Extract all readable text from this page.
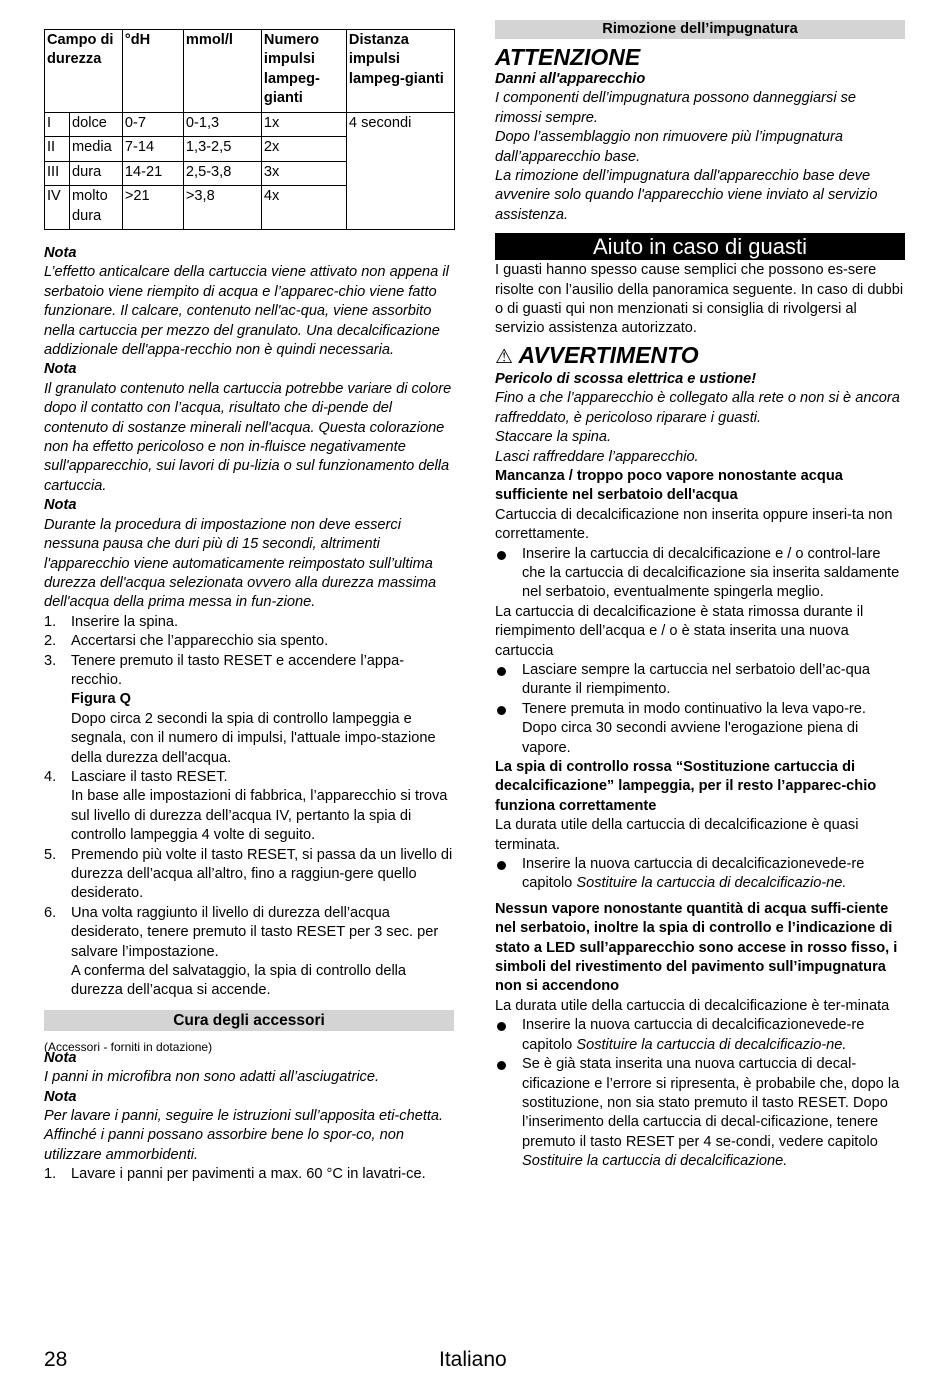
Campo di durezza		°dH	mmol/l	Numero impulsi lampeg-gianti	Distanza impulsi lampeg-gianti
I	dolce	0-7	0-1,3	1x	4 secondi
II	media	7-14	1,3-2,5	2x	
III	dura	14-21	2,5-3,8	3x	
IV	molto dura	>21	>3,8	4x	
Nota
L’effetto anticalcare della cartuccia viene attivato non appena il serbatoio viene riempito di acqua e l’apparec-chio viene fatto funzionare. Il calcare, contenuto nell'ac-qua, viene assorbito nella cartuccia per mezzo del granulato. Una decalcificazione addizionale dell'appa-recchio non è quindi necessaria.
Nota
Il granulato contenuto nella cartuccia potrebbe variare di colore dopo il contatto con l’acqua, risultato che di-pende del contenuto di sostanze minerali nell'acqua. Questa colorazione non ha effetto pericoloso e non in-fluisce negativamente sull'apparecchio, sui lavori di pu-lizia o sul funzionamento della cartuccia.
Nota
Durante la procedura di impostazione non deve esserci nessuna pausa che duri più di 15 secondi, altrimenti l'apparecchio viene automaticamente reimpostato sull’ultima durezza dell'acqua selezionata ovvero alla durezza massima dell'acqua della prima messa in fun-zione.
1. Inserire la spina.
2. Accertarsi che l’apparecchio sia spento.
3. Tenere premuto il tasto RESET e accendere l’appa-recchio.
Figura Q
Dopo circa 2 secondi la spia di controllo lampeggia e segnala, con il numero di impulsi, l'attuale impo-stazione della durezza dell'acqua.
4. Lasciare il tasto RESET.
In base alle impostazioni di fabbrica, l’apparecchio si trova sul livello di durezza dell’acqua IV, pertanto la spia di controllo lampeggia 4 volte di seguito.
5. Premendo più volte il tasto RESET, si passa da un livello di durezza dell’acqua all’altro, fino a raggiun-gere quello desiderato.
6. Una volta raggiunto il livello di durezza dell’acqua desiderato, tenere premuto il tasto RESET per 3 sec. per salvare l’impostazione.
A conferma del salvataggio, la spia di controllo della durezza dell’acqua si accende.
Cura degli accessori
(Accessori - forniti in dotazione)
Nota
I panni in microfibra non sono adatti all’asciugatrice.
Nota
Per lavare i panni, seguire le istruzioni sull’apposita eti-chetta. Affinché i panni possano assorbire bene lo spor-co, non utilizzare ammorbidenti.
1. Lavare i panni per pavimenti a max. 60 °C in lavatri-ce.
Rimozione dell’impugnatura
ATTENZIONE
Danni all'apparecchio
I componenti dell’impugnatura possono danneggiarsi se rimossi sempre.
Dopo l’assemblaggio non rimuovere più l’impugnatura dall’apparecchio base.
La rimozione dell’impugnatura dall'apparecchio base deve avvenire solo quando l'apparecchio viene inviato al servizio assistenza.
Aiuto in caso di guasti
I guasti hanno spesso cause semplici che possono es-sere risolte con l’ausilio della panoramica seguente. In caso di dubbi o di guasti qui non menzionati si consiglia di rivolgersi al servizio assistenza autorizzato.
⚠ AVVERTIMENTO
Pericolo di scossa elettrica e ustione!
Fino a che l’apparecchio è collegato alla rete o non si è ancora raffreddato, è pericoloso riparare i guasti.
Staccare la spina.
Lasci raffreddare l’apparecchio.
Mancanza / troppo poco vapore nonostante acqua sufficiente nel serbatoio dell'acqua
Cartuccia di decalcificazione non inserita oppure inseri-ta non correttamente.
Inserire la cartuccia di decalcificazione e / o control-lare che la cartuccia di decalcificazione sia inserita saldamente nel serbatoio, eventualmente spingerla meglio.
La cartuccia di decalcificazione è stata rimossa durante il riempimento dell’acqua e / o è stata inserita una nuova cartuccia
Lasciare sempre la cartuccia nel serbatoio dell’ac-qua durante il riempimento.
Tenere premuta in modo continuativo la leva vapo-re.
Dopo circa 30 secondi avviene l'erogazione piena di vapore.
La spia di controllo rossa “Sostituzione cartuccia di decalcificazione” lampeggia, per il resto l’apparec-chio funziona correttamente
La durata utile della cartuccia di decalcificazione è quasi terminata.
Inserire la nuova cartuccia di decalcificazionevede-re capitolo Sostituire la cartuccia di decalcificazio-ne.
Nessun vapore nonostante quantità di acqua suffi-ciente nel serbatoio, inoltre la spia di controllo e l’indicazione di stato a LED sull’apparecchio sono accese in rosso fisso, i simboli del rivestimento del pavimento sull’impugnatura non si accendono
La durata utile della cartuccia di decalcificazione è ter-minata
Inserire la nuova cartuccia di decalcificazionevede-re capitolo Sostituire la cartuccia di decalcificazio-ne.
Se è già stata inserita una nuova cartuccia di decal-cificazione e l’errore si ripresenta, è probabile che, dopo la sostituzione, non sia stato premuto il tasto RESET. Dopo l’inserimento della cartuccia di decal-cificazione, tenere premuto il tasto RESET per 4 se-condi, vedere capitolo Sostituire la cartuccia di decalcificazione.
28	Italiano
